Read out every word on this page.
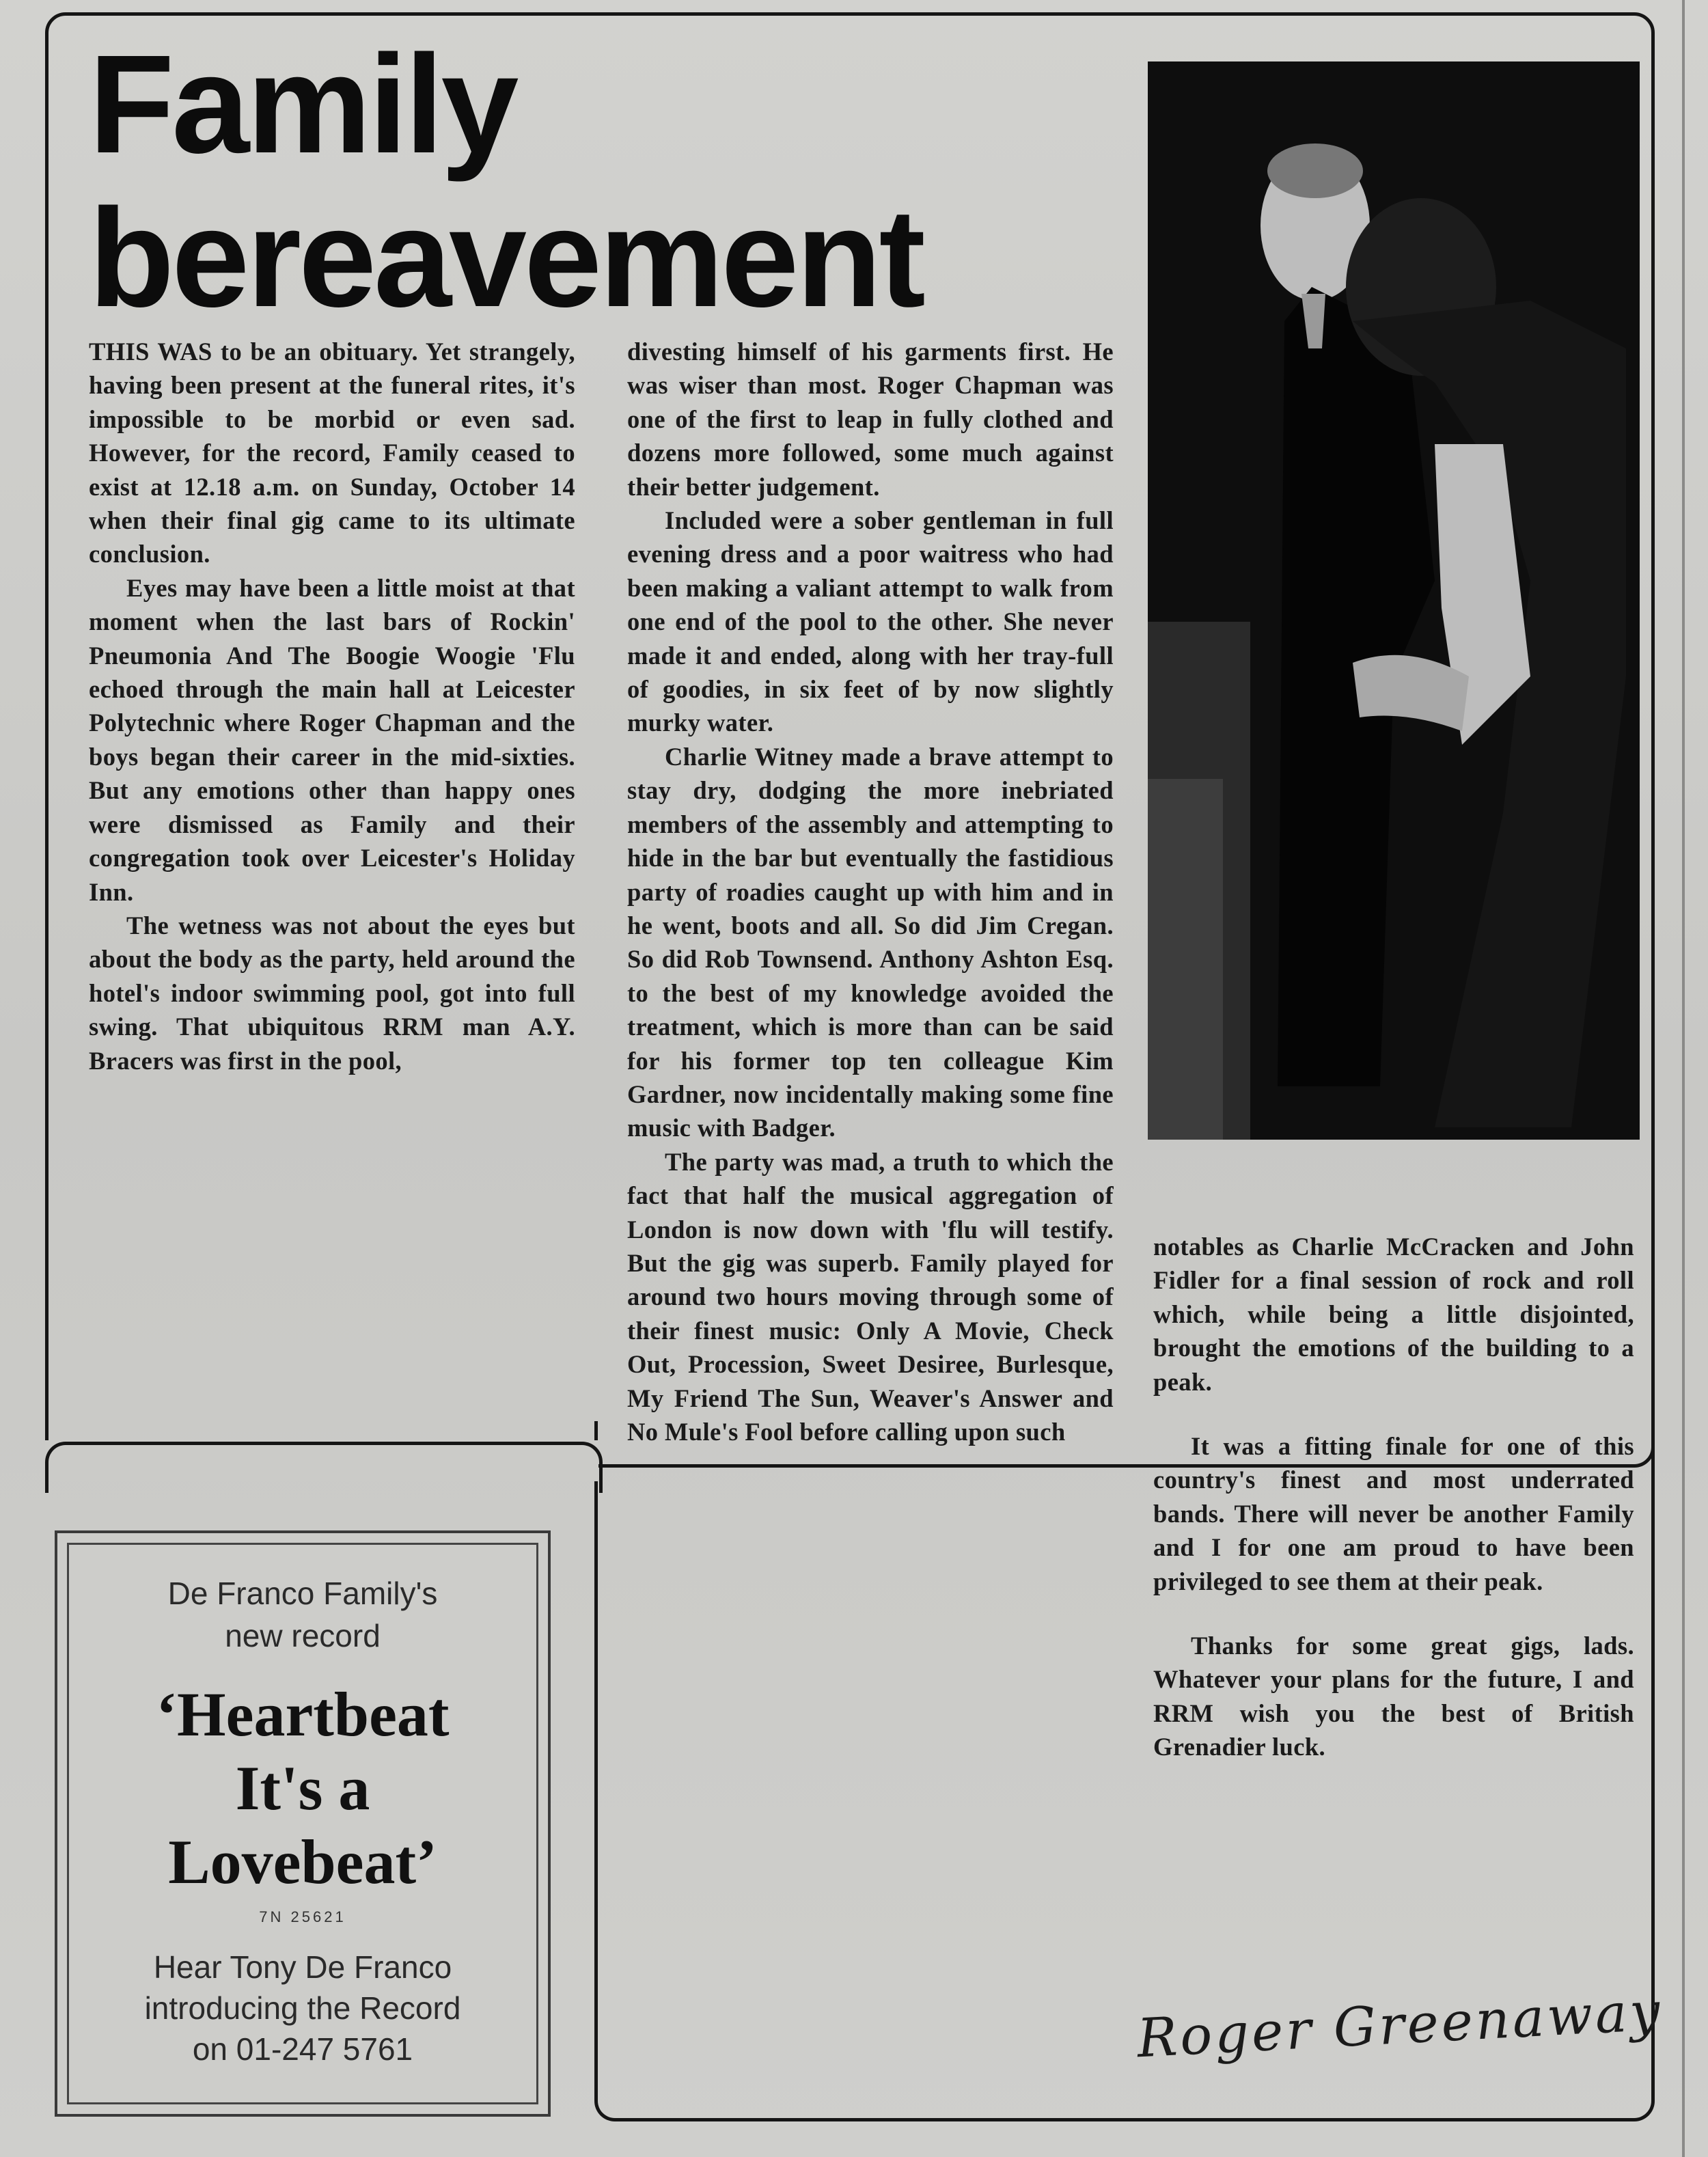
Family
bereavement

THIS WAS to be an obituary. Yet strangely, having been present at the funeral rites, it's impossible to be morbid or even sad. However, for the record, Family ceased to exist at 12.18 a.m. on Sunday, October 14 when their final gig came to its ultimate conclusion.

Eyes may have been a little moist at that moment when the last bars of Rockin' Pneumonia And The Boogie Woogie 'Flu echoed through the main hall at Leicester Polytechnic where Roger Chapman and the boys began their career in the mid-sixties. But any emotions other than happy ones were dismissed as Family and their congregation took over Leicester's Holiday Inn.

The wetness was not about the eyes but about the body as the party, held around the hotel's indoor swimming pool, got into full swing. That ubiquitous RRM man A.Y. Bracers was first in the pool,

divesting himself of his garments first. He was wiser than most. Roger Chapman was one of the first to leap in fully clothed and dozens more followed, some much against their better judgement.

Included were a sober gentleman in full evening dress and a poor waitress who had been making a valiant attempt to walk from one end of the pool to the other. She never made it and ended, along with her tray-full of goodies, in six feet of by now slightly murky water.

Charlie Witney made a brave attempt to stay dry, dodging the more inebriated members of the assembly and attempting to hide in the bar but eventually the fastidious party of roadies caught up with him and in he went, boots and all. So did Jim Cregan. So did Rob Townsend. Anthony Ashton Esq. to the best of my knowledge avoided the treatment, which is more than can be said for his former top ten colleague Kim Gardner, now incidentally making some fine music with Badger.

The party was mad, a truth to which the fact that half the musical aggregation of London is now down with 'flu will testify. But the gig was superb. Family played for around two hours moving through some of their finest music: Only A Movie, Check Out, Procession, Sweet Desiree, Burlesque, My Friend The Sun, Weaver's Answer and No Mule's Fool before calling upon such

notables as Charlie McCracken and John Fidler for a final session of rock and roll which, while being a little disjointed, brought the emotions of the building to a peak.

It was a fitting finale for one of this country's finest and most underrated bands. There will never be another Family and I for one am proud to have been privileged to see them at their peak.

Thanks for some great gigs, lads. Whatever your plans for the future, I and RRM wish you the best of British Grenadier luck.

Roger Greenaway
De Franco Family's
new record
‘Heartbeat
It's a
Lovebeat’
7N 25621
Hear Tony De Franco
introducing the Record
on 01-247 5761
